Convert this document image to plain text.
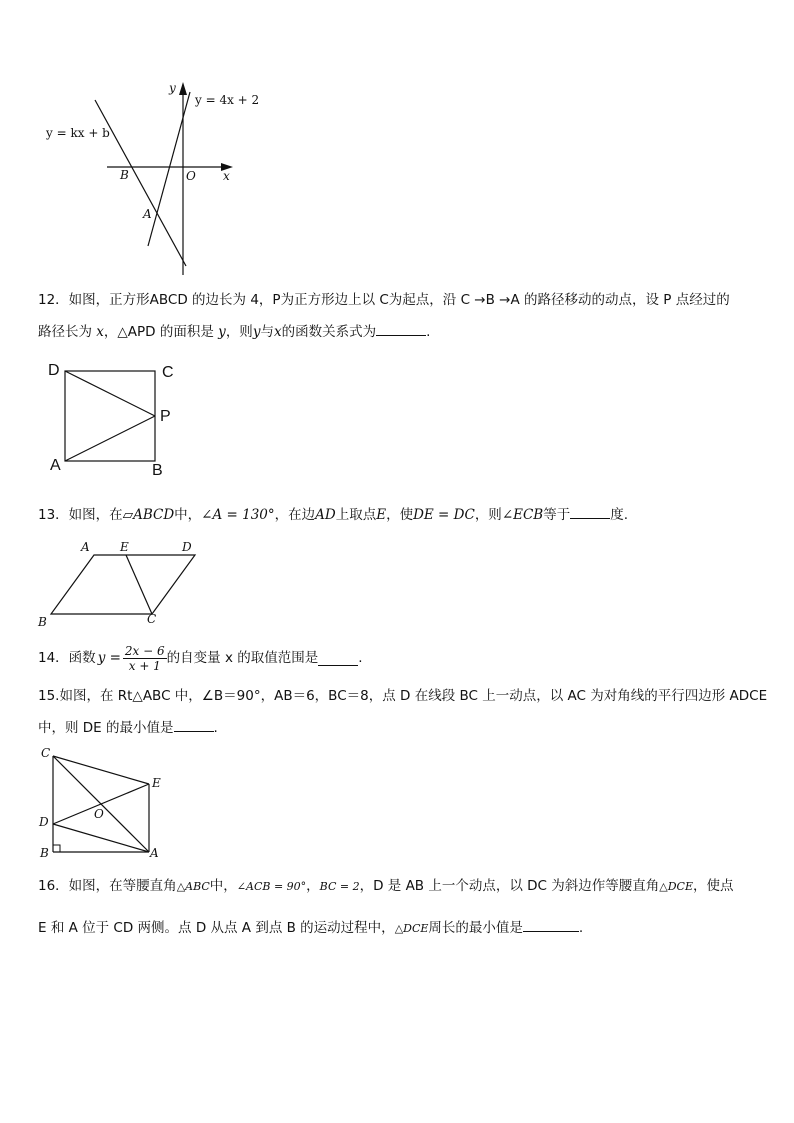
y
x
O
B
A
y = 4x + 2
y = kx + b
12．如图，正方形ABCD 的边长为 4，P为正方形边上以 C为起点，沿 C →B →A 的路径移动的动点，设 P 点经过的
路径长为 x，△APD 的面积是 y，则y与x的函数关系式为	.
D	C
P
A	B
13．如图，在▱ABCD中，∠A = 130°，在边AD上取点E，使DE = DC，则∠ECB等于	度.
A	E	D
B	C
14．函数 $y = \frac{2x - 6}{x + 1}$ 的自变量 x 的取值范围是	.
15.如图，在 Rt△ABC 中，∠B＝90°，AB＝6，BC＝8，点 D 在线段 BC 上一动点，以 AC 为对角线的平行四边形 ADCE
中，则 DE 的最小值是	.
C
E
O
D
B	A
16．如图，在等腰直角△ABC中，∠ACB = 90°，BC = 2，D 是 AB 上一个动点，以 DC 为斜边作等腰直角△DCE，使点
E 和 A 位于 CD 两侧。点 D 从点 A 到点 B 的运动过程中，△DCE周长的最小值是	.
